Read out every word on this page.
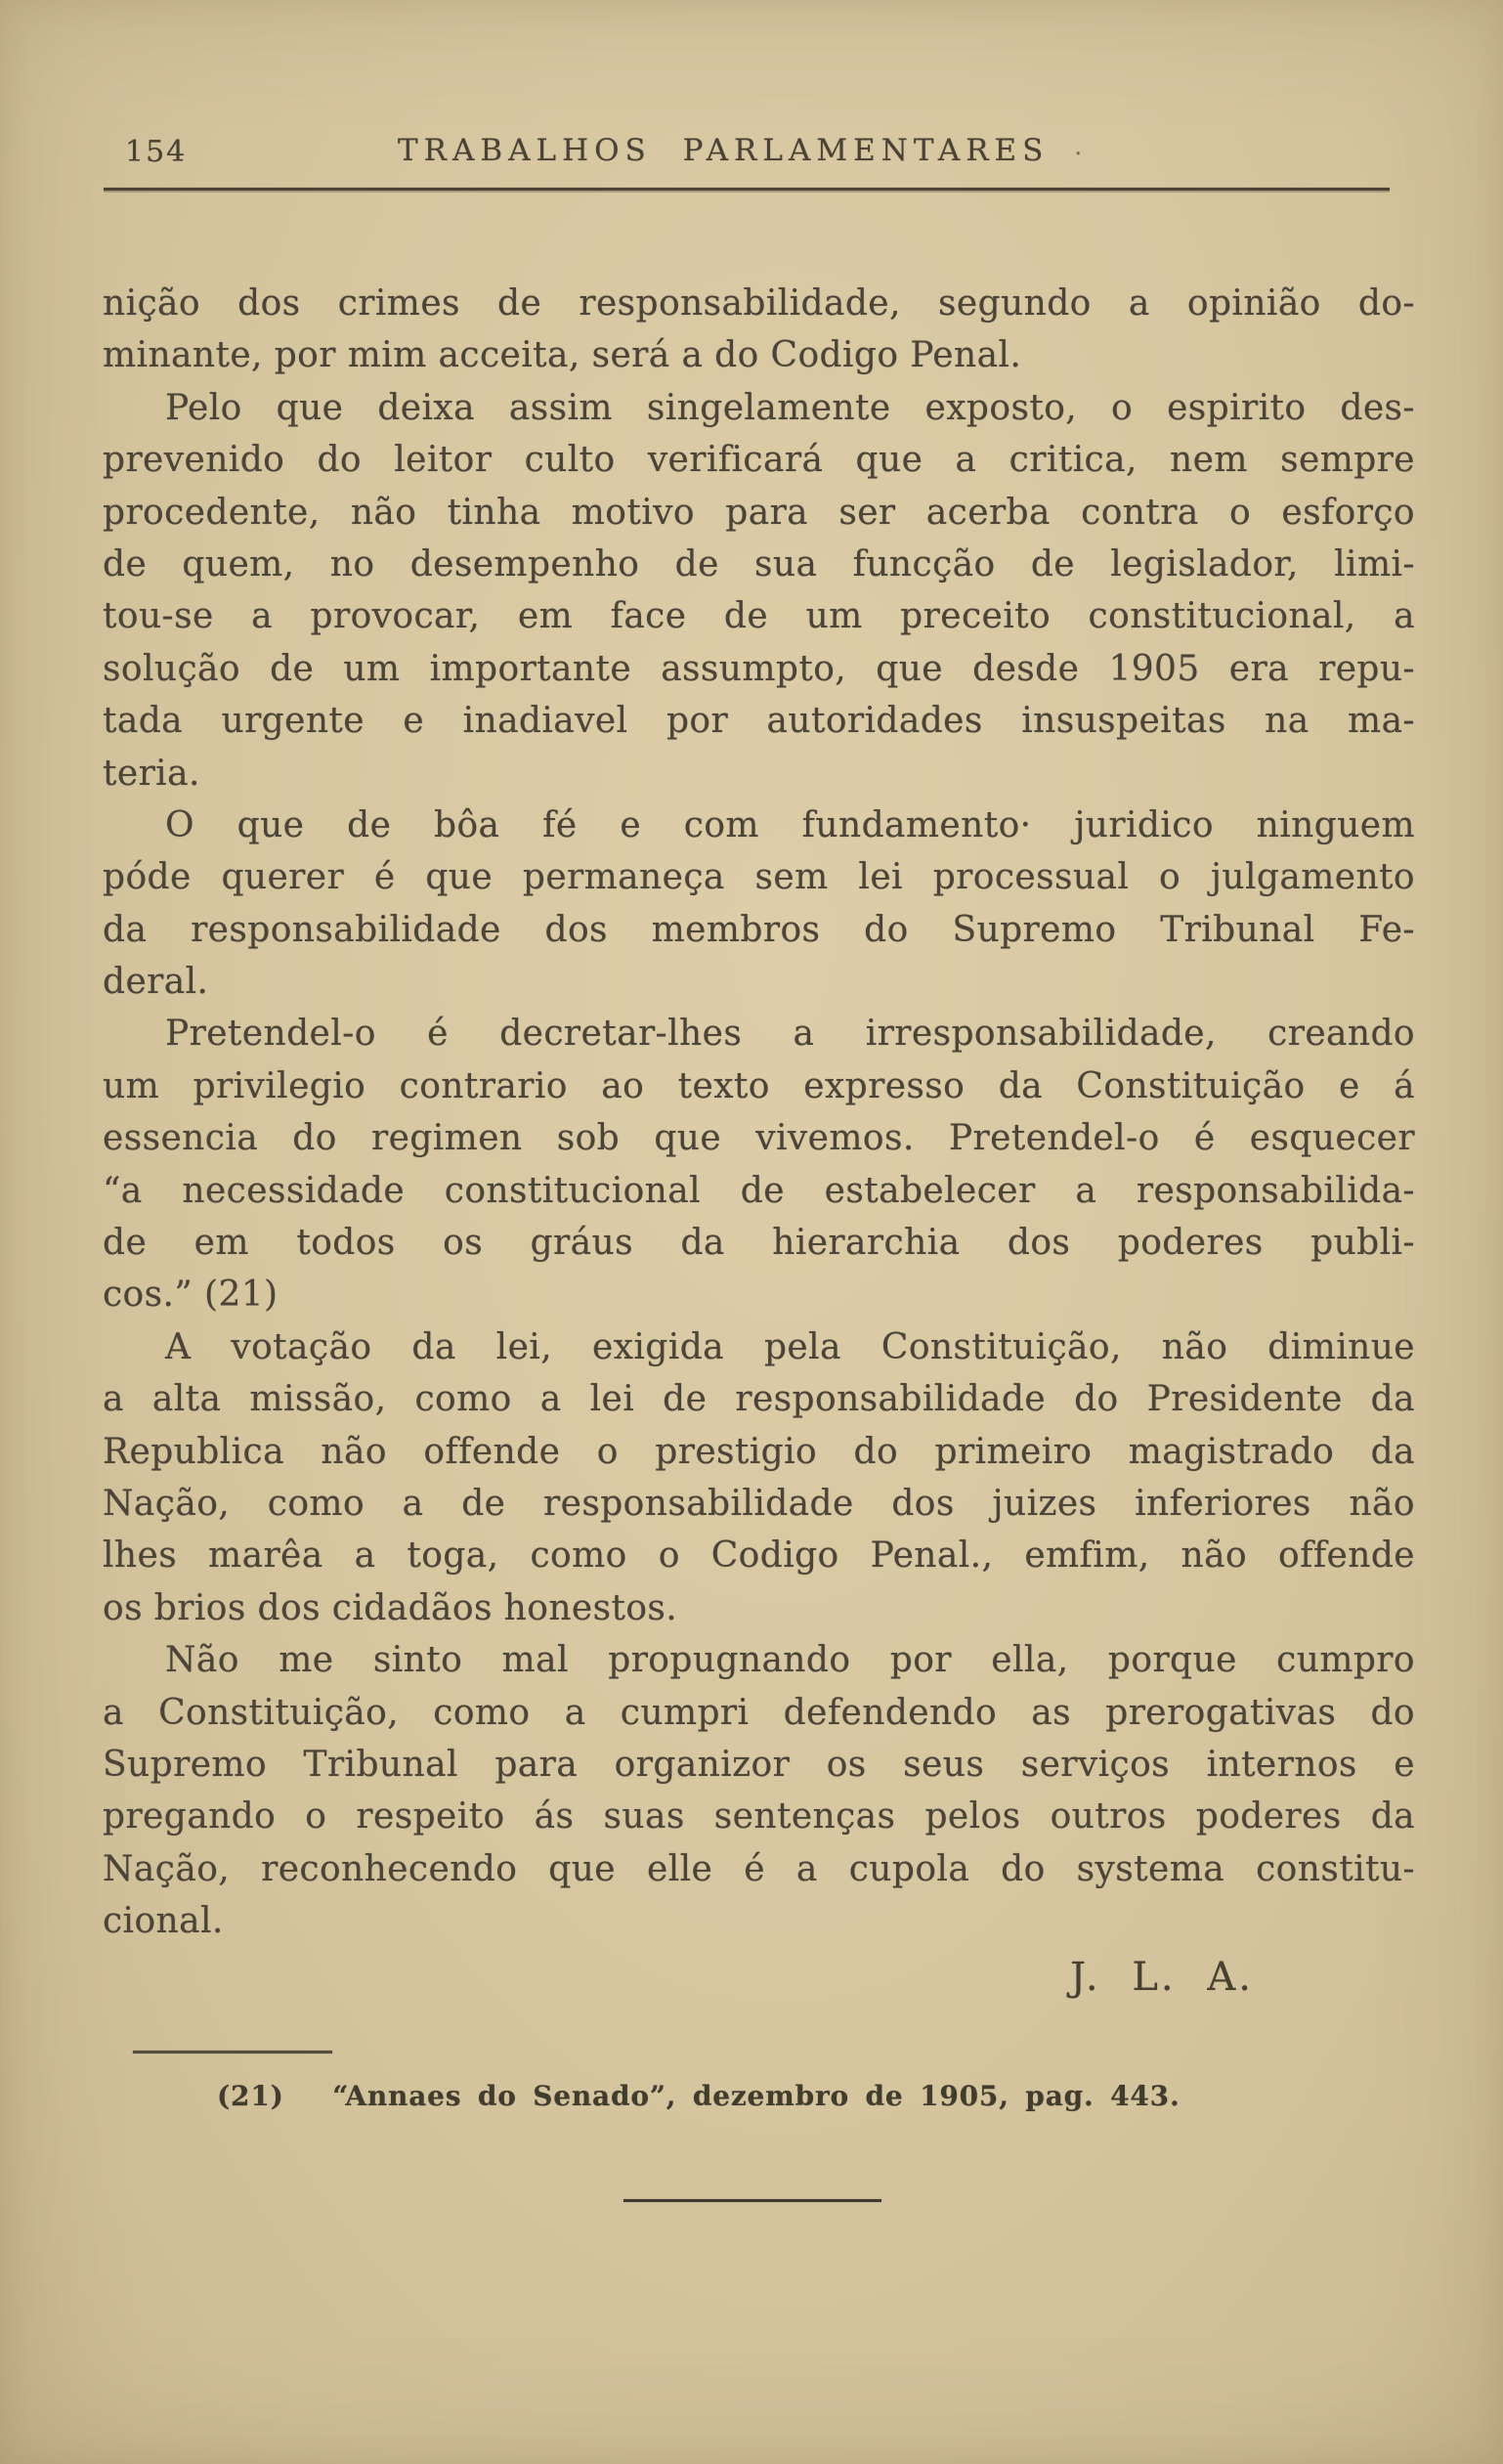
154	TRABALHOS PARLAMENTARES .
nição dos crimes de responsabilidade, segundo a opinião do-
minante, por mim acceita, será a do Codigo Penal.
Pelo que deixa assim singelamente exposto, o espirito des-
prevenido do leitor culto verificará que a critica, nem sempre
procedente, não tinha motivo para ser acerba contra o esforço
de quem, no desempenho de sua funcção de legislador, limi-
tou-se a provocar, em face de um preceito constitucional, a
solução de um importante assumpto, que desde 1905 era repu-
tada urgente e inadiavel por autoridades insuspeitas na ma-
teria.
O que de bôa fé e com fundamento· juridico ninguem
póde querer é que permaneça sem lei processual o julgamento
da responsabilidade dos membros do Supremo Tribunal Fe-
deral.
Pretendel-o é decretar-lhes a irresponsabilidade, creando
um privilegio contrario ao texto expresso da Constituição e á
essencia do regimen sob que vivemos. Pretendel-o é esquecer
“a necessidade constitucional de estabelecer a responsabilida-
de em todos os gráus da hierarchia dos poderes publi-
cos.” (21)
A votação da lei, exigida pela Constituição, não diminue
a alta missão, como a lei de responsabilidade do Presidente da
Republica não offende o prestigio do primeiro magistrado da
Nação, como a de responsabilidade dos juizes inferiores não
lhes marêa a toga, como o Codigo Penal., emfim, não offende
os brios dos cidadãos honestos.
Não me sinto mal propugnando por ella, porque cumpro
a Constituição, como a cumpri defendendo as prerogativas do
Supremo Tribunal para organizor os seus serviços internos e
pregando o respeito ás suas sentenças pelos outros poderes da
Nação, reconhecendo que elle é a cupola do systema constitu-
cional.
J. L. A.
(21)   “Annaes do Senado”, dezembro de 1905, pag. 443.
